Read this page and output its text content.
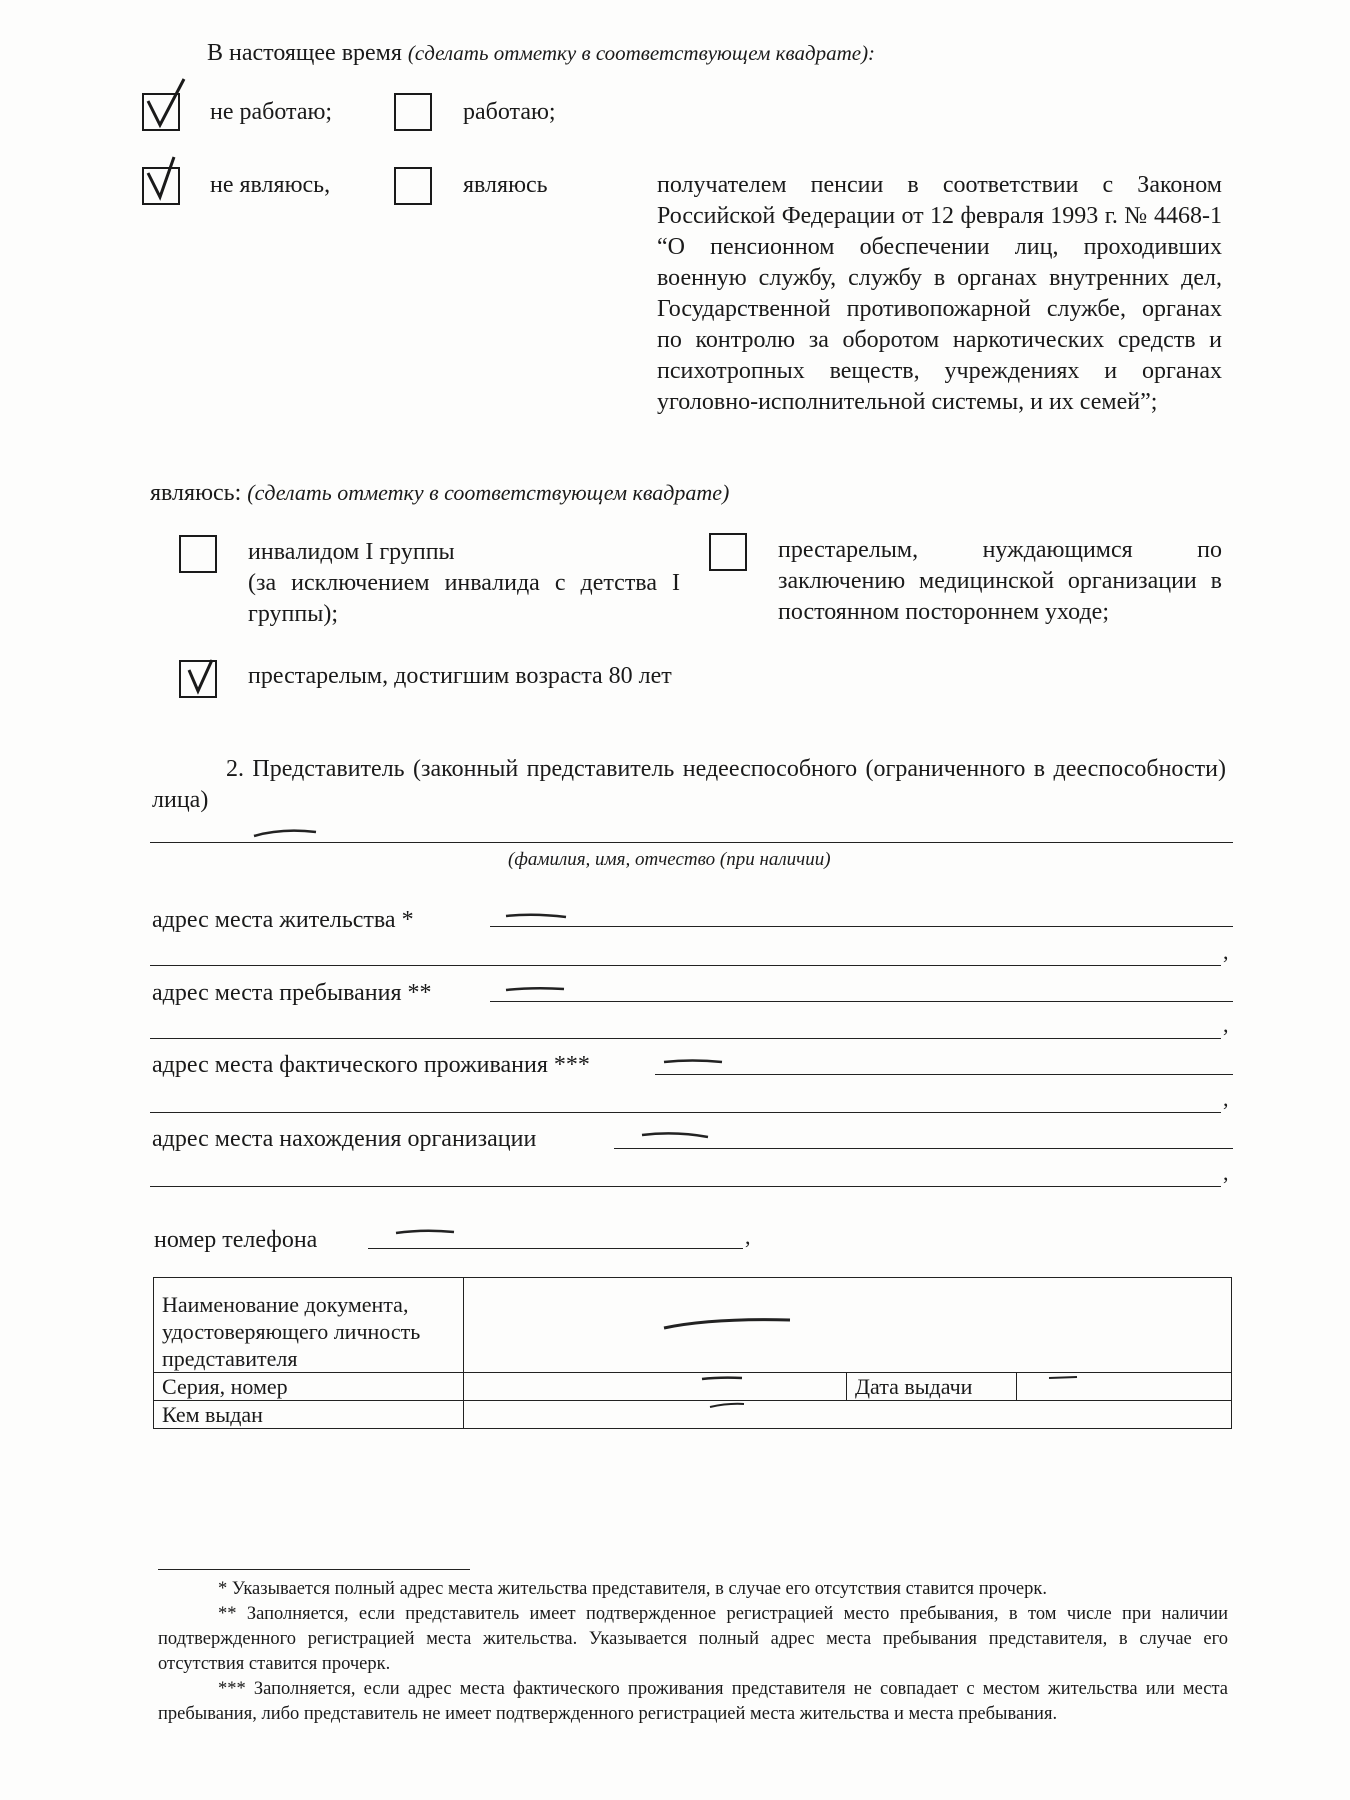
В настоящее время (сделать отметку в соответствующем квадрате):
не работаю;	работаю;
не являюсь,	являюсь	получателем пенсии в соответствии с Законом Российской Федерации от 12 февраля 1993 г. № 4468-1 “О пенсионном обеспечении лиц, проходивших военную службу, службу в органах внутренних дел, Государственной противопожарной службе, органах по контролю за оборотом наркотических средств и психотропных веществ, учреждениях и органах уголовно-исполнительной системы, и их семей”;
являюсь: (сделать отметку в соответствующем квадрате)
инвалидом I группы
(за исключением инвалида с детства I группы);
престарелым, нуждающимся по заключению медицинской организации в постоянном постороннем уходе;
престарелым, достигшим возраста 80 лет
2. Представитель (законный представитель недееспособного (ограниченного в дееспособности) лица)
(фамилия, имя, отчество (при наличии)
адрес места жительства *
,
адрес места пребывания **
,
адрес места фактического проживания ***
,
адрес места нахождения организации
,
номер телефона	,
Наименование документа, удостоверяющего личность представителя	

Серия, номер		Дата выдачи	

Кем выдан	
* Указывается полный адрес места жительства представителя, в случае его отсутствия ставится прочерк.
** Заполняется, если представитель имеет подтвержденное регистрацией место пребывания, в том числе при наличии подтвержденного регистрацией места жительства. Указывается полный адрес места пребывания представителя, в случае его отсутствия ставится прочерк.
*** Заполняется, если адрес места фактического проживания представителя не совпадает с местом жительства или места пребывания, либо представитель не имеет подтвержденного регистрацией места жительства и места пребывания.
